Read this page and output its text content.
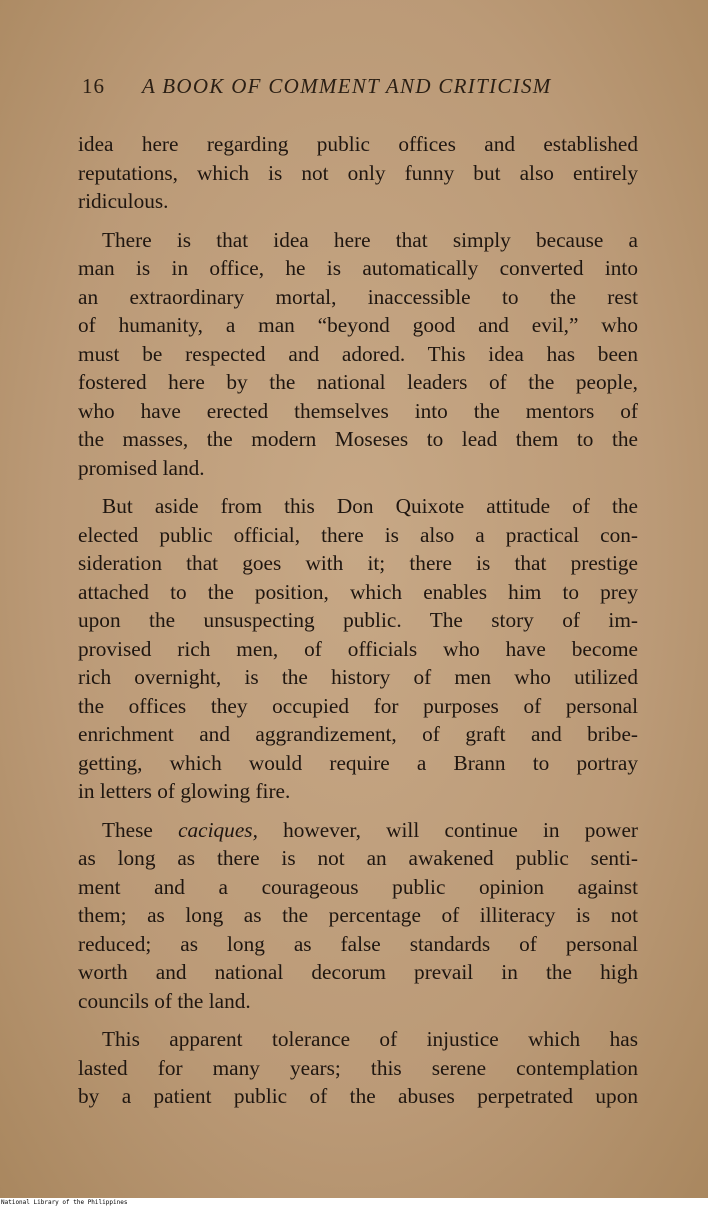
16 A BOOK OF COMMENT AND CRITICISM
idea here regarding public offices and established
reputations, which is not only funny but also entirely
ridiculous.
There is that idea here that simply because a
man is in office, he is automatically converted into
an extraordinary mortal, inaccessible to the rest
of humanity, a man “beyond good and evil,” who
must be respected and adored. This idea has been
fostered here by the national leaders of the people,
who have erected themselves into the mentors of
the masses, the modern Moseses to lead them to the
promised land.
But aside from this Don Quixote attitude of the
elected public official, there is also a practical con-
sideration that goes with it; there is that prestige
attached to the position, which enables him to prey
upon the unsuspecting public. The story of im-
provised rich men, of officials who have become
rich overnight, is the history of men who utilized
the offices they occupied for purposes of personal
enrichment and aggrandizement, of graft and bribe-
getting, which would require a Brann to portray
in letters of glowing fire.
These caciques, however, will continue in power
as long as there is not an awakened public senti-
ment and a courageous public opinion against
them; as long as the percentage of illiteracy is not
reduced; as long as false standards of personal
worth and national decorum prevail in the high
councils of the land.
This apparent tolerance of injustice which has
lasted for many years; this serene contemplation
by a patient public of the abuses perpetrated upon
National Library of the Philippines
